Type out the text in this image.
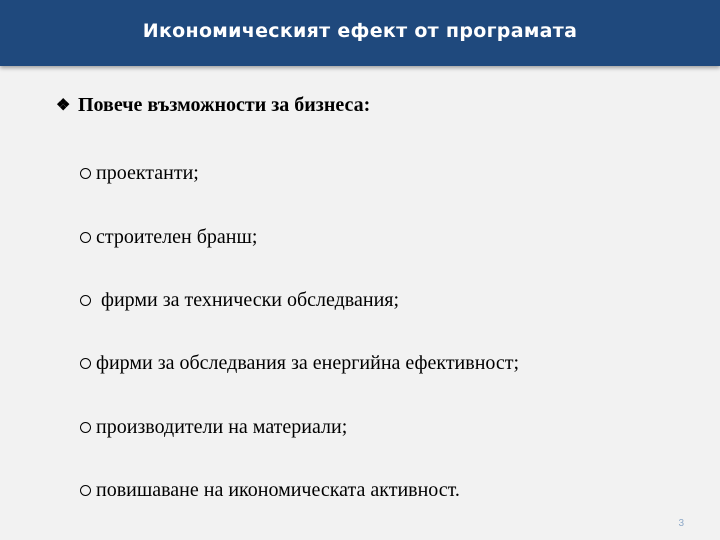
Икономическият ефект от програмата
❖ Повече възможности за бизнеса:
проектанти;
строителен бранш;
фирми за технически обследвания;
фирми за обследвания за енергийна ефективност;
производители на материали;
повишаване на икономическата активност.
3
